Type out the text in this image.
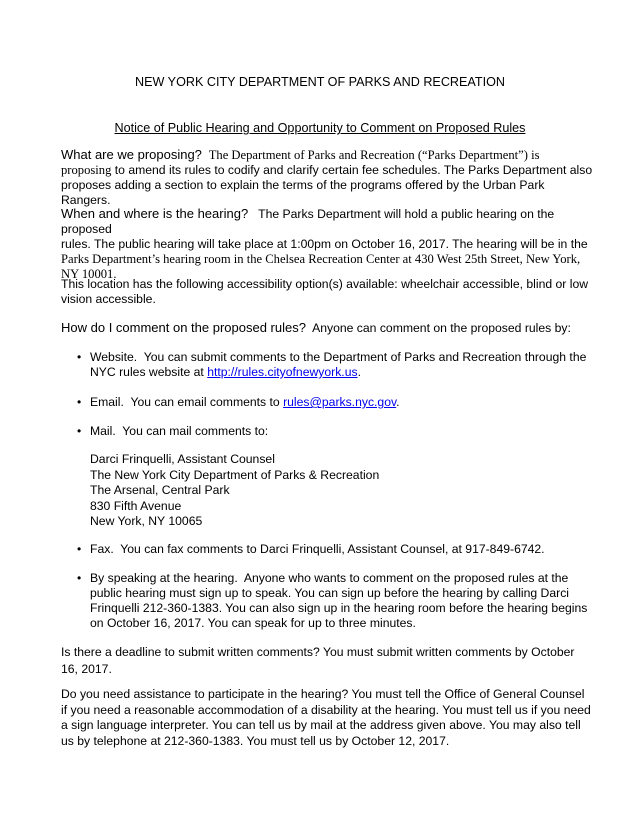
NEW YORK CITY DEPARTMENT OF PARKS AND RECREATION
Notice of Public Hearing and Opportunity to Comment on Proposed Rules
What are we proposing? The Department of Parks and Recreation (“Parks Department”) is proposing to amend its rules to codify and clarify certain fee schedules. The Parks Department also proposes adding a section to explain the terms of the programs offered by the Urban Park Rangers.
When and where is the hearing? The Parks Department will hold a public hearing on the proposed
rules. The public hearing will take place at 1:00pm on October 16, 2017. The hearing will be in the
Parks Department’s hearing room in the Chelsea Recreation Center at 430 West 25th Street, New York,
NY 10001.
This location has the following accessibility option(s) available: wheelchair accessible, blind or low vision accessible.
How do I comment on the proposed rules? Anyone can comment on the proposed rules by:
• Website. You can submit comments to the Department of Parks and Recreation through the NYC rules website at http://rules.cityofnewyork.us.
• Email. You can email comments to rules@parks.nyc.gov.
• Mail. You can mail comments to:
Darci Frinquelli, Assistant Counsel
The New York City Department of Parks & Recreation
The Arsenal, Central Park
830 Fifth Avenue
New York, NY 10065
• Fax. You can fax comments to Darci Frinquelli, Assistant Counsel, at 917-849-6742.
• By speaking at the hearing. Anyone who wants to comment on the proposed rules at the public hearing must sign up to speak. You can sign up before the hearing by calling Darci Frinquelli 212-360-1383. You can also sign up in the hearing room before the hearing begins on October 16, 2017. You can speak for up to three minutes.
Is there a deadline to submit written comments? You must submit written comments by October 16, 2017.
Do you need assistance to participate in the hearing? You must tell the Office of General Counsel if you need a reasonable accommodation of a disability at the hearing. You must tell us if you need a sign language interpreter. You can tell us by mail at the address given above. You may also tell us by telephone at 212-360-1383. You must tell us by October 12, 2017.
